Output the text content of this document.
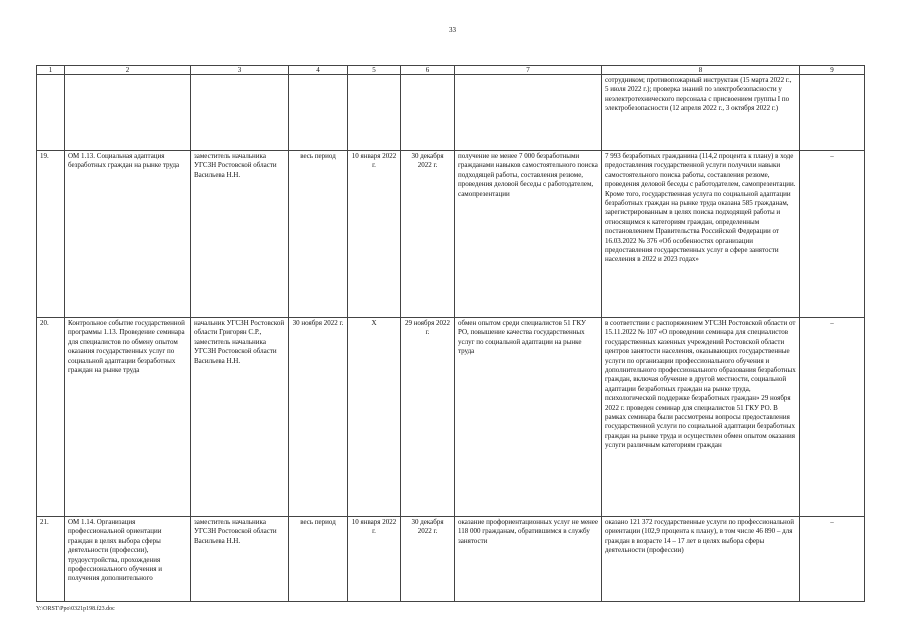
33
1	2	3	4	5	6	7	8	9
							сотрудником; противопожарный инструктаж (15 марта 2022 г., 5 июля 2022 г.); проверка знаний по электробезопасности у неэлектротехнического персонала с присвоением группы I по электробезопасности (12 апреля 2022 г., 3 октября 2022 г.)	
19.	ОМ 1.13. Социальная адаптация безработных граждан на рынке труда	заместитель начальника УГСЗН Ростовской области Васильева Н.Н.	весь период	10 января 2022 г.	30 декабря 2022 г.	получение не менее 7 000 безработными гражданами навыков самостоятельного поиска подходящей работы, составления резюме, проведения деловой беседы с работодателем, самопрезентации	7 993 безработных гражданина (114,2 процента к плану) в ходе предоставления государственной услуги получили навыки самостоятельного поиска работы, составления резюме, проведения деловой беседы с работодателем, самопрезентации. Кроме того, государственная услуга по социальной адаптации безработных граждан на рынке труда оказана 585 гражданам, зарегистрированным в целях поиска подходящей работы и относящимся к категориям граждан, определенным постановлением Правительства Российской Федерации от 16.03.2022 № 376 «Об особенностях организации предоставления государственных услуг в сфере занятости населения в 2022 и 2023 годах»	–
20.	Контрольное событие государственной программы 1.13. Проведение семинара для специалистов по обмену опытом оказания государственных услуг по социальной адаптации безработных граждан на рынке труда	начальник УГСЗН Ростовской области Григорян С.Р., заместитель начальника УГСЗН Ростовской области Васильева Н.Н.	30 ноября 2022 г.	Х	29 ноября 2022 г.	обмен опытом среди специалистов 51 ГКУ РО, повышение качества государственных услуг по социальной адаптации на рынке труда	в соответствии с распоряжением УГСЗН Ростовской области от 15.11.2022 № 107 «О проведении семинара для специалистов государственных казенных учреждений Ростовской области центров занятости населения, оказывающих государственные услуги по организации профессионального обучения и дополнительного профессионального образования безработных граждан, включая обучение в другой местности, социальной адаптации безработных граждан на рынке труда, психологической поддержке безработных граждан» 29 ноября 2022 г. проведен семинар для специалистов 51 ГКУ РО. В рамках семинара были рассмотрены вопросы предоставления государственной услуги по социальной адаптации безработных граждан на рынке труда и осуществлен обмен опытом оказания услуги различным категориям граждан	–
21.	ОМ 1.14. Организация профессиональной ориентации граждан в целях выбора сферы деятельности (профессии), трудоустройства, прохождения профессионального обучения и получения дополнительного	заместитель начальника УГСЗН Ростовской области Васильева Н.Н.	весь период	10 января 2022 г.	30 декабря 2022 г.	оказание профориентационных услуг не менее 118 000 гражданам, обратившимся в службу занятости	оказано 121 372 государственные услуги по профессиональной ориентации (102,9 процента к плану), в том числе 46 890 – для граждан в возрасте 14 – 17 лет в целях выбора сферы деятельности (профессии)	–
Y:\ORST\Ppo\0321p198.f23.doc
